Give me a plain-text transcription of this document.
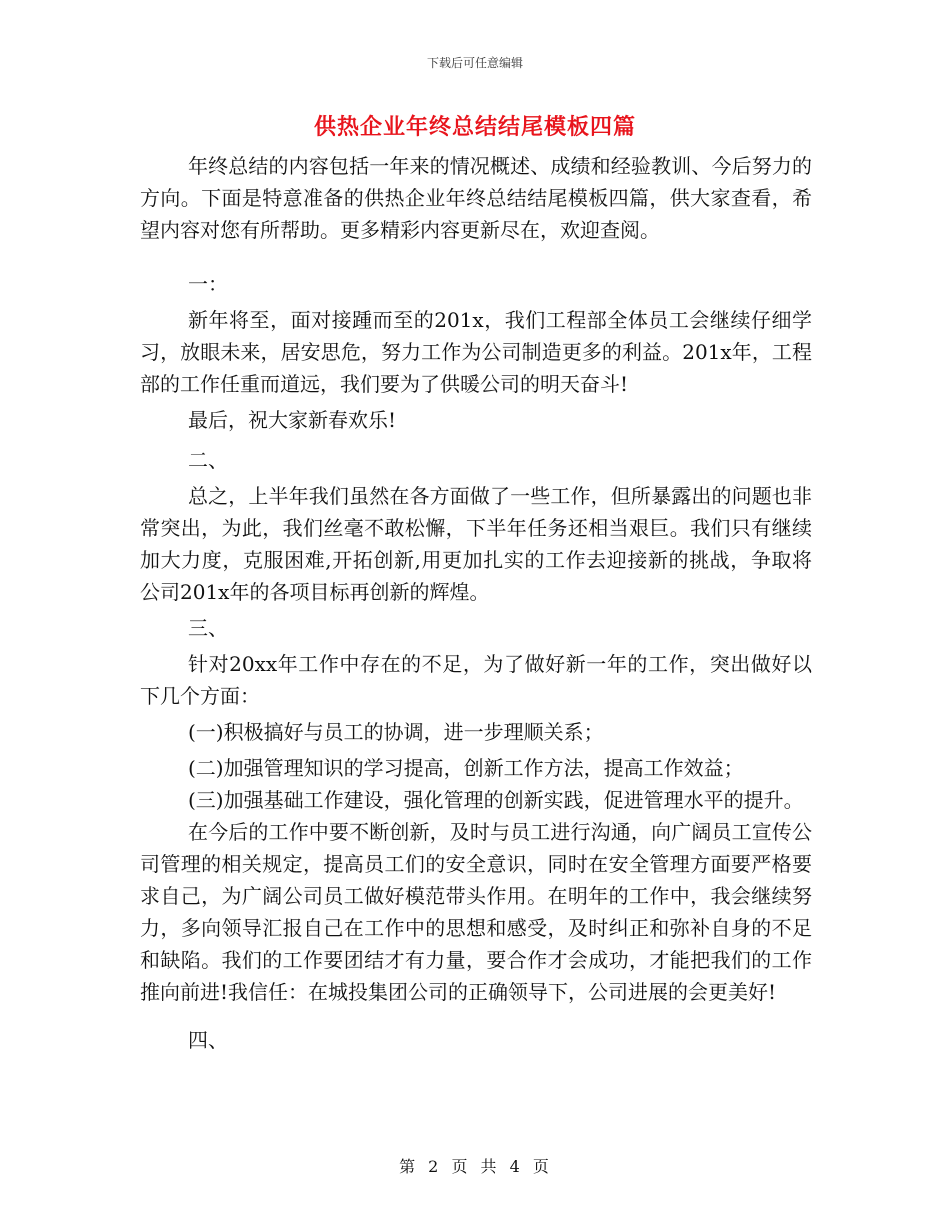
下载后可任意编辑
供热企业年终总结结尾模板四篇

年终总结的内容包括一年来的情况概述、成绩和经验教训、今后努力的方向。下面是特意准备的供热企业年终总结结尾模板四篇，供大家查看，希望内容对您有所帮助。更多精彩内容更新尽在，欢迎查阅。

一：

新年将至，面对接踵而至的201x，我们工程部全体员工会继续仔细学习，放眼未来，居安思危，努力工作为公司制造更多的利益。201x年，工程部的工作任重而道远，我们要为了供暖公司的明天奋斗!

最后，祝大家新春欢乐!

二、

总之，上半年我们虽然在各方面做了一些工作，但所暴露出的问题也非常突出，为此，我们丝毫不敢松懈，下半年任务还相当艰巨。我们只有继续加大力度，克服困难,开拓创新,用更加扎实的工作去迎接新的挑战，争取将公司201x年的各项目标再创新的辉煌。

三、

针对20xx年工作中存在的不足，为了做好新一年的工作，突出做好以下几个方面：

(一)积极搞好与员工的协调，进一步理顺关系；

(二)加强管理知识的学习提高，创新工作方法，提高工作效益；

(三)加强基础工作建设，强化管理的创新实践，促进管理水平的提升。

在今后的工作中要不断创新，及时与员工进行沟通，向广阔员工宣传公司管理的相关规定，提高员工们的安全意识，同时在安全管理方面要严格要求自己，为广阔公司员工做好模范带头作用。在明年的工作中，我会继续努力，多向领导汇报自己在工作中的思想和感受，及时纠正和弥补自身的不足和缺陷。我们的工作要团结才有力量，要合作才会成功，才能把我们的工作推向前进!我信任：在城投集团公司的正确领导下，公司进展的会更美好!

四、

第 2 页 共 4 页
